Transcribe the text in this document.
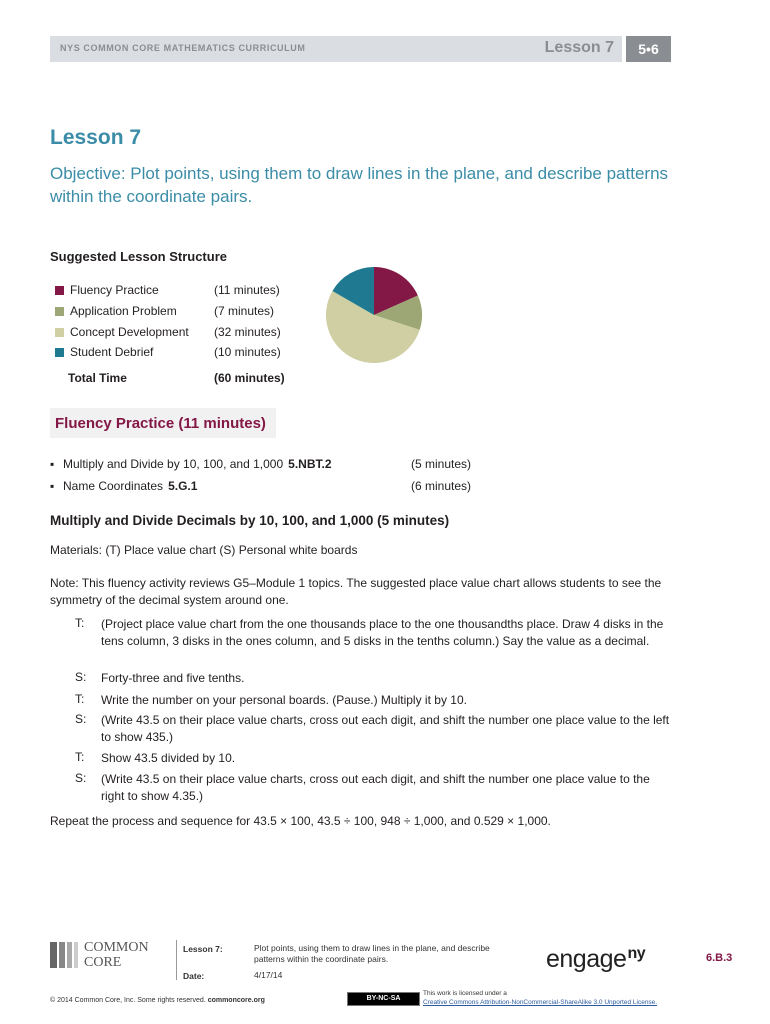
NYS COMMON CORE MATHEMATICS CURRICULUM	Lesson 7	5•6
Lesson 7
Objective: Plot points, using them to draw lines in the plane, and describe patterns within the coordinate pairs.
Suggested Lesson Structure
Fluency Practice	(11 minutes)
Application Problem	(7 minutes)
Concept Development (32 minutes)
Student Debrief	(10 minutes)
Total Time	(60 minutes)
Fluency Practice (11 minutes)
▪ Multiply and Divide by 10, 100, and 1,000 5.NBT.2	(5 minutes)
▪ Name Coordinates 5.G.1	(6 minutes)
Multiply and Divide Decimals by 10, 100, and 1,000 (5 minutes)
Materials: (T) Place value chart (S) Personal white boards
Note: This fluency activity reviews G5–Module 1 topics. The suggested place value chart allows students to see the symmetry of the decimal system around one.
T: (Project place value chart from the one thousands place to the one thousandths place. Draw 4 disks in the tens column, 3 disks in the ones column, and 5 disks in the tenths column.) Say the value as a decimal.
S: Forty-three and five tenths.
T: Write the number on your personal boards. (Pause.) Multiply it by 10.
S: (Write 43.5 on their place value charts, cross out each digit, and shift the number one place value to the left to show 435.)
T: Show 43.5 divided by 10.
S: (Write 43.5 on their place value charts, cross out each digit, and shift the number one place value to the right to show 4.35.)
Repeat the process and sequence for 43.5 × 100, 43.5 ÷ 100, 948 ÷ 1,000, and 0.529 × 1,000.
COMMON
CORE
Lesson 7:	Plot points, using them to draw lines in the plane, and describe patterns within the coordinate pairs.
Date:	4/17/14
engage$^{ny}$	6.B.3
© 2014 Common Core, Inc. Some rights reserved. commoncore.org	BY-NC-SA
This work is licensed under a
Creative Commons Attribution-NonCommercial-ShareAlike 3.0 Unported License.
